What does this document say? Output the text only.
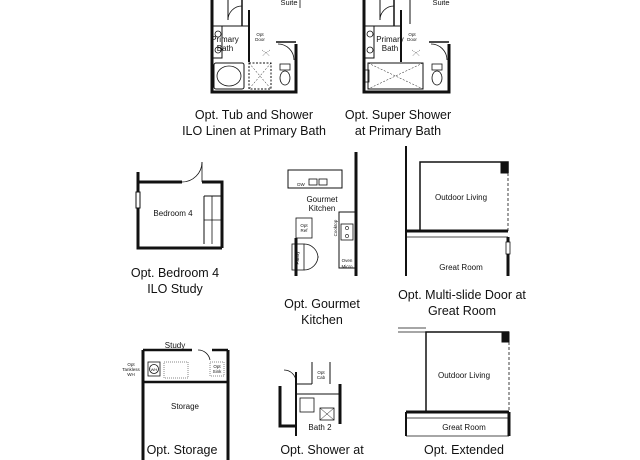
Suite
Primary
Bath
Opt
Door
Suite
Primary
Bath
Opt
Door
Bedroom 4
DW
Gourmet
Kitchen
Opt
Ref
Pantry
Cooktop
Oven
Micro
Outdoor Living
Great Room
Study
Opt
Tankless
WH
WH
Opt
Sink
Storage
Opt
Cab
Bath 2
Outdoor Living
Great Room
Opt. Tub and Shower
ILO Linen at Primary Bath
Opt. Super Shower
at Primary Bath
Opt. Bedroom 4
ILO Study
Opt. Gourmet
Kitchen
Opt. Multi-slide Door at
Great Room
Opt. Storage	Opt. Shower at	Opt. Extended
